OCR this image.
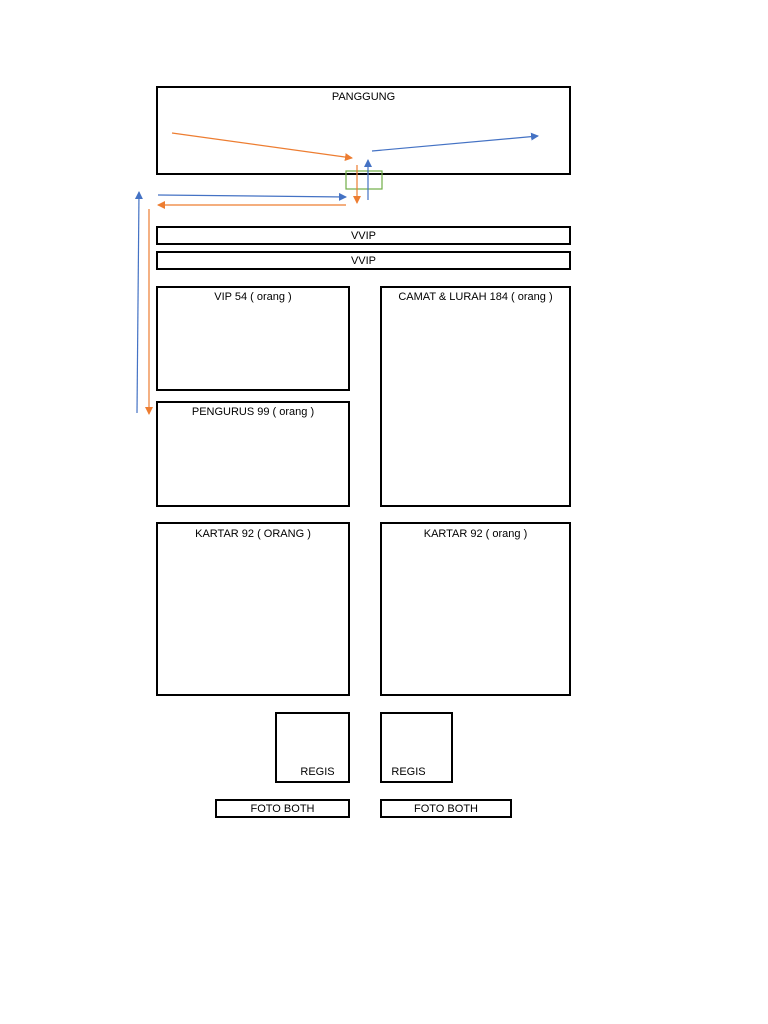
PANGGUNG
VVIP
VVIP
VIP 54 ( orang )	CAMAT & LURAH 184 ( orang )
PENGURUS 99 ( orang )
KARTAR 92 ( ORANG )	KARTAR 92 ( orang )
REGIS	REGIS
FOTO BOTH	FOTO BOTH
